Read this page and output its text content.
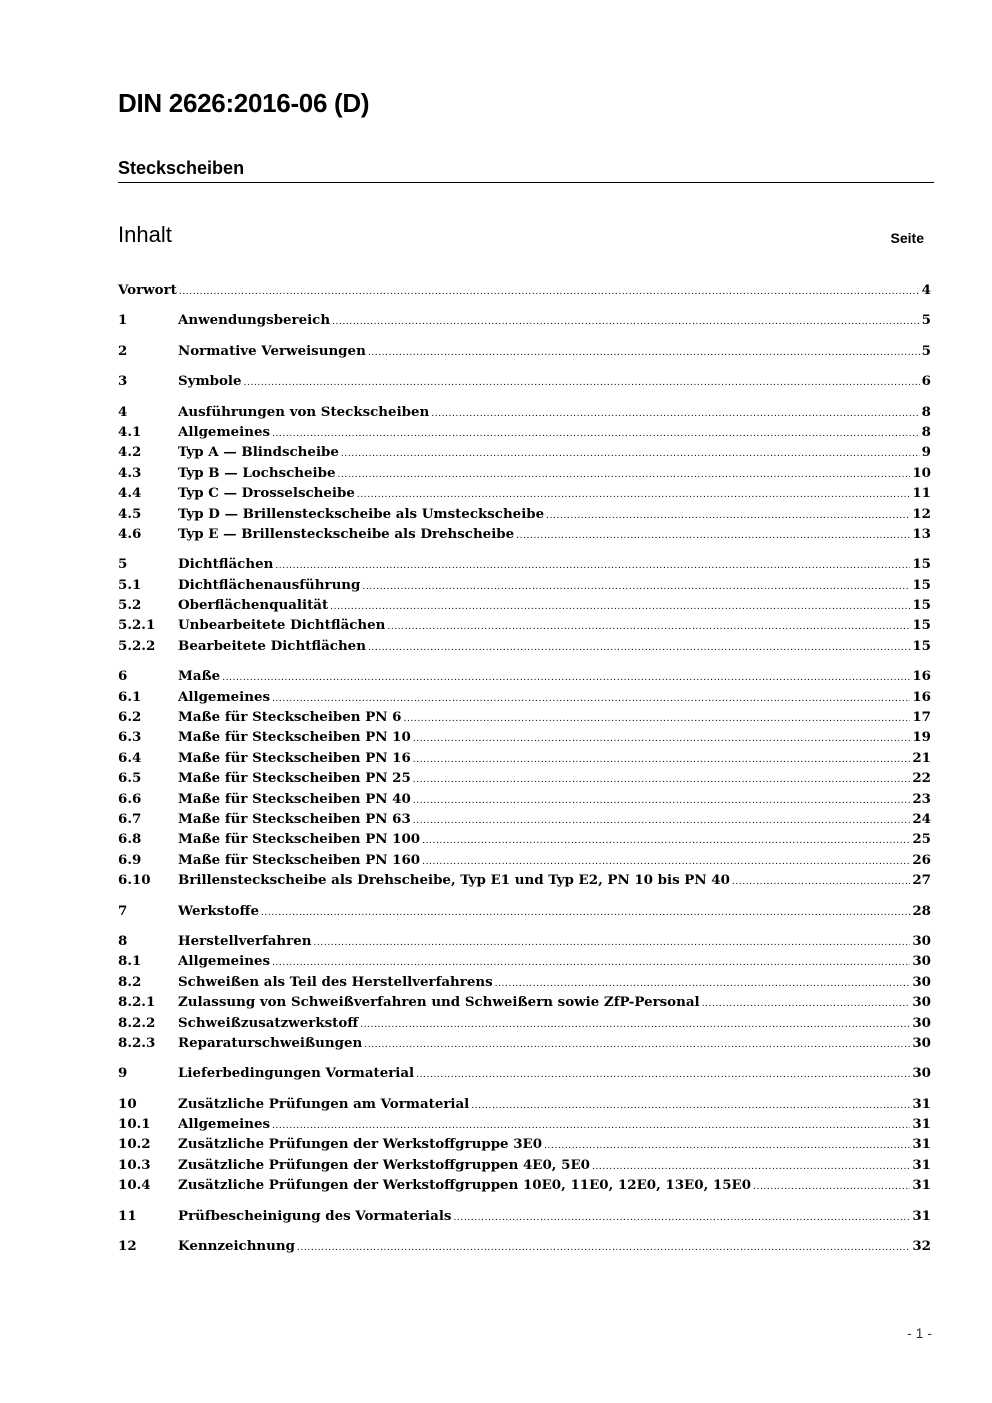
DIN 2626:2016-06 (D)
Steckscheiben
Inhalt	Seite
Vorwort .....	4
1	Anwendungsbereich .....	5
2	Normative Verweisungen .....	5
3	Symbole .....	6
4	Ausführungen von Steckscheiben .....	8
4.1	Allgemeines .....	8
4.2	Typ A — Blindscheibe .....	9
4.3	Typ B — Lochscheibe .....	10
4.4	Typ C — Drosselscheibe .....	11
4.5	Typ D — Brillensteckscheibe als Umsteckscheibe .....	12
4.6	Typ E — Brillensteckscheibe als Drehscheibe .....	13
5	Dichtflächen .....	15
5.1	Dichtflächenausführung .....	15
5.2	Oberflächenqualität .....	15
5.2.1	Unbearbeitete Dichtflächen .....	15
5.2.2	Bearbeitete Dichtflächen .....	15
6	Maße .....	16
6.1	Allgemeines .....	16
6.2	Maße für Steckscheiben PN 6 .....	17
6.3	Maße für Steckscheiben PN 10 .....	19
6.4	Maße für Steckscheiben PN 16 .....	21
6.5	Maße für Steckscheiben PN 25 .....	22
6.6	Maße für Steckscheiben PN 40 .....	23
6.7	Maße für Steckscheiben PN 63 .....	24
6.8	Maße für Steckscheiben PN 100 .....	25
6.9	Maße für Steckscheiben PN 160 .....	26
6.10	Brillensteckscheibe als Drehscheibe, Typ E1 und Typ E2, PN 10 bis PN 40 .....	27
7	Werkstoffe .....	28
8	Herstellverfahren .....	30
8.1	Allgemeines .....	30
8.2	Schweißen als Teil des Herstellverfahrens .....	30
8.2.1	Zulassung von Schweißverfahren und Schweißern sowie ZfP-Personal .....	30
8.2.2	Schweißzusatzwerkstoff .....	30
8.2.3	Reparaturschweißungen .....	30
9	Lieferbedingungen Vormaterial .....	30
10	Zusätzliche Prüfungen am Vormaterial .....	31
10.1	Allgemeines .....	31
10.2	Zusätzliche Prüfungen der Werkstoffgruppe 3E0 .....	31
10.3	Zusätzliche Prüfungen der Werkstoffgruppen 4E0, 5E0 .....	31
10.4	Zusätzliche Prüfungen der Werkstoffgruppen 10E0, 11E0, 12E0, 13E0, 15E0 .....	31
11	Prüfbescheinigung des Vormaterials .....	31
12	Kennzeichnung .....	32
- 1 -
